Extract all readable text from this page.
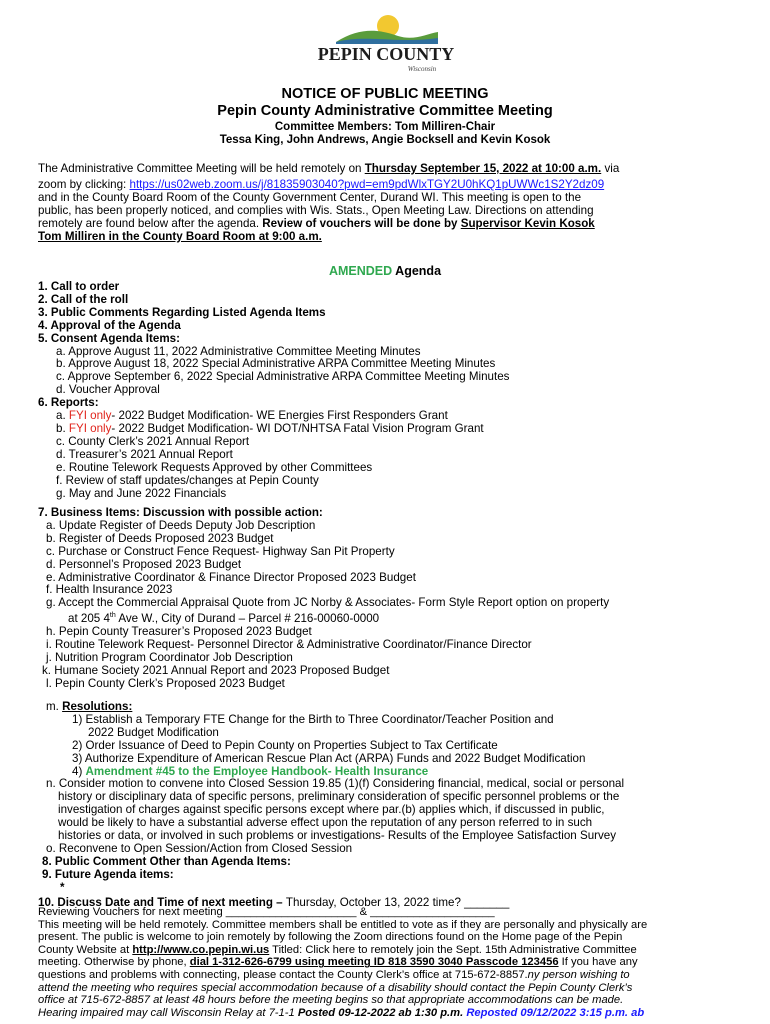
PEPIN COUNTY
Wisconsin
NOTICE OF PUBLIC MEETING
Pepin County Administrative Committee Meeting
Committee Members: Tom Milliren-Chair
Tessa King, John Andrews, Angie Bocksell and Kevin Kosok
The Administrative Committee Meeting will be held remotely on Thursday September 15, 2022 at 10:00 a.m. via
zoom by clicking: https://us02web.zoom.us/j/81835903040?pwd=em9pdWlxTGY2U0hKQ1pUWWc1S2Y2dz09
and in the County Board Room of the County Government Center, Durand WI. This meeting is open to the
public, has been properly noticed, and complies with Wis. Stats., Open Meeting Law. Directions on attending
remotely are found below after the agenda. Review of vouchers will be done by Supervisor Kevin Kosok
Tom Milliren in the County Board Room at 9:00 a.m.
AMENDED Agenda
1. Call to order
2. Call of the roll
3. Public Comments Regarding Listed Agenda Items
4. Approval of the Agenda
5. Consent Agenda Items:
a. Approve August 11, 2022 Administrative Committee Meeting Minutes
b. Approve August 18, 2022 Special Administrative ARPA Committee Meeting Minutes
c. Approve September 6, 2022 Special Administrative ARPA Committee Meeting Minutes
d. Voucher Approval
6. Reports:
a. FYI only- 2022 Budget Modification- WE Energies First Responders Grant
b. FYI only- 2022 Budget Modification- WI DOT/NHTSA Fatal Vision Program Grant
c. County Clerk’s 2021 Annual Report
d. Treasurer’s 2021 Annual Report
e. Routine Telework Requests Approved by other Committees
f. Review of staff updates/changes at Pepin County
g. May and June 2022 Financials
7. Business Items: Discussion with possible action:
a. Update Register of Deeds Deputy Job Description
b. Register of Deeds Proposed 2023 Budget
c. Purchase or Construct Fence Request- Highway San Pit Property
d. Personnel’s Proposed 2023 Budget
e. Administrative Coordinator & Finance Director Proposed 2023 Budget
f. Health Insurance 2023
g. Accept the Commercial Appraisal Quote from JC Norby & Associates- Form Style Report option on property
at 205 4th Ave W., City of Durand – Parcel # 216-00060-0000
h. Pepin County Treasurer’s Proposed 2023 Budget
i. Routine Telework Request- Personnel Director & Administrative Coordinator/Finance Director
j. Nutrition Program Coordinator Job Description
k. Humane Society 2021 Annual Report and 2023 Proposed Budget
l. Pepin County Clerk’s Proposed 2023 Budget
m. Resolutions:
1) Establish a Temporary FTE Change for the Birth to Three Coordinator/Teacher Position and
2022 Budget Modification
2) Order Issuance of Deed to Pepin County on Properties Subject to Tax Certificate
3) Authorize Expenditure of American Rescue Plan Act (ARPA) Funds and 2022 Budget Modification
4) Amendment #45 to the Employee Handbook- Health Insurance
n. Consider motion to convene into Closed Session 19.85 (1)(f) Considering financial, medical, social or personal
history or disciplinary data of specific persons, preliminary consideration of specific personnel problems or the
investigation of charges against specific persons except where par.(b) applies which, if discussed in public,
would be likely to have a substantial adverse effect upon the reputation of any person referred to in such
histories or data, or involved in such problems or investigations- Results of the Employee Satisfaction Survey
o. Reconvene to Open Session/Action from Closed Session
8. Public Comment Other than Agenda Items:
9. Future Agenda items:
*
10. Discuss Date and Time of next meeting – Thursday, October 13, 2022 time? _______
Reviewing Vouchers for next meeting _____________________ & ____________________
This meeting will be held remotely. Committee members shall be entitled to vote as if they are personally and physically are
present. The public is welcome to join remotely by following the Zoom directions found on the Home page of the Pepin
County Website at http://www.co.pepin.wi.us Titled: Click here to remotely join the Sept. 15th Administrative Committee
meeting. Otherwise by phone, dial 1-312-626-6799 using meeting ID 818 3590 3040 Passcode 123456 If you have any
questions and problems with connecting, please contact the County Clerk’s office at 715-672-8857.ny person wishing to
attend the meeting who requires special accommodation because of a disability should contact the Pepin County Clerk’s
office at 715-672-8857 at least 48 hours before the meeting begins so that appropriate accommodations can be made.
Hearing impaired may call Wisconsin Relay at 7-1-1 Posted 09-12-2022 ab 1:30 p.m. Reposted 09/12/2022 3:15 p.m. ab
